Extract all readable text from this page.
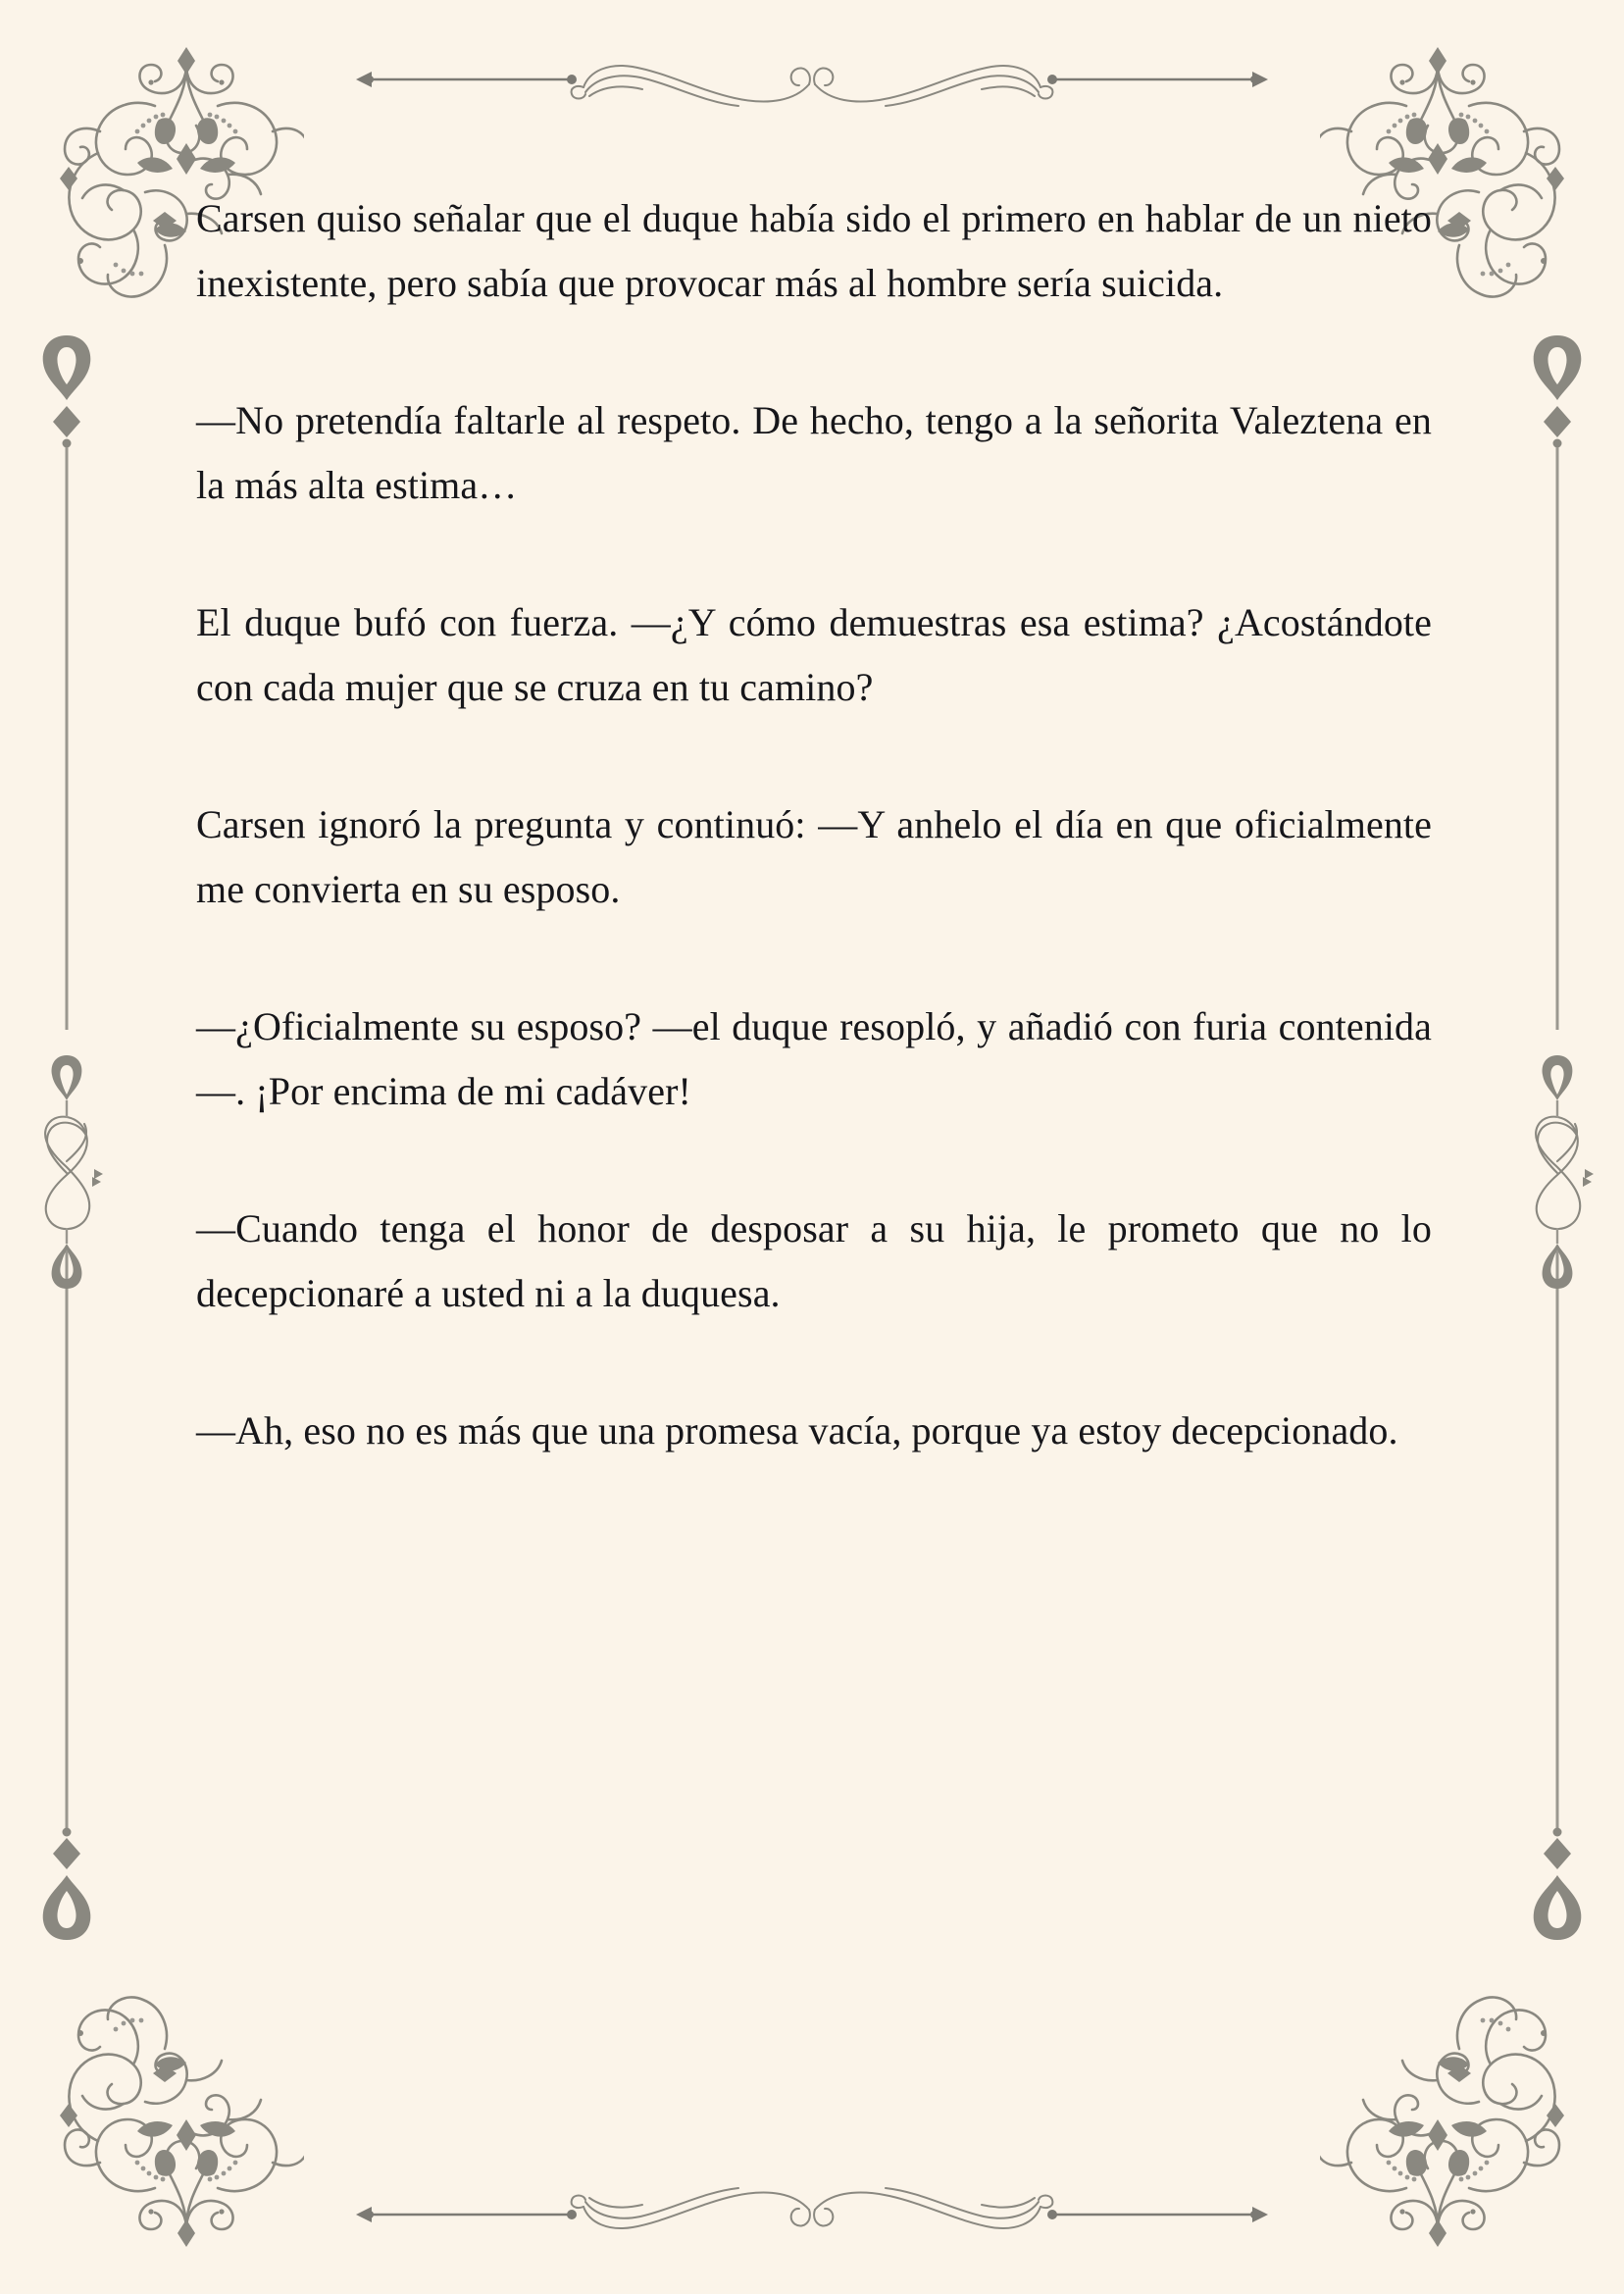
Carsen quiso señalar que el duque había sido el primero en hablar de un nieto inexistente, pero sabía que provocar más al hombre sería suicida.

—No pretendía faltarle al respeto. De hecho, tengo a la señorita Valeztena en la más alta estima…

El duque bufó con fuerza. —¿Y cómo demuestras esa estima? ¿Acostándote con cada mujer que se cruza en tu camino?

Carsen ignoró la pregunta y continuó: —Y anhelo el día en que oficialmente me convierta en su esposo.

—¿Oficialmente su esposo? —el duque resopló, y añadió con furia contenida—. ¡Por encima de mi cadáver!

—Cuando tenga el honor de desposar a su hija, le prometo que no lo decepcionaré a usted ni a la duquesa.

—Ah, eso no es más que una promesa vacía, porque ya estoy decepcionado.
